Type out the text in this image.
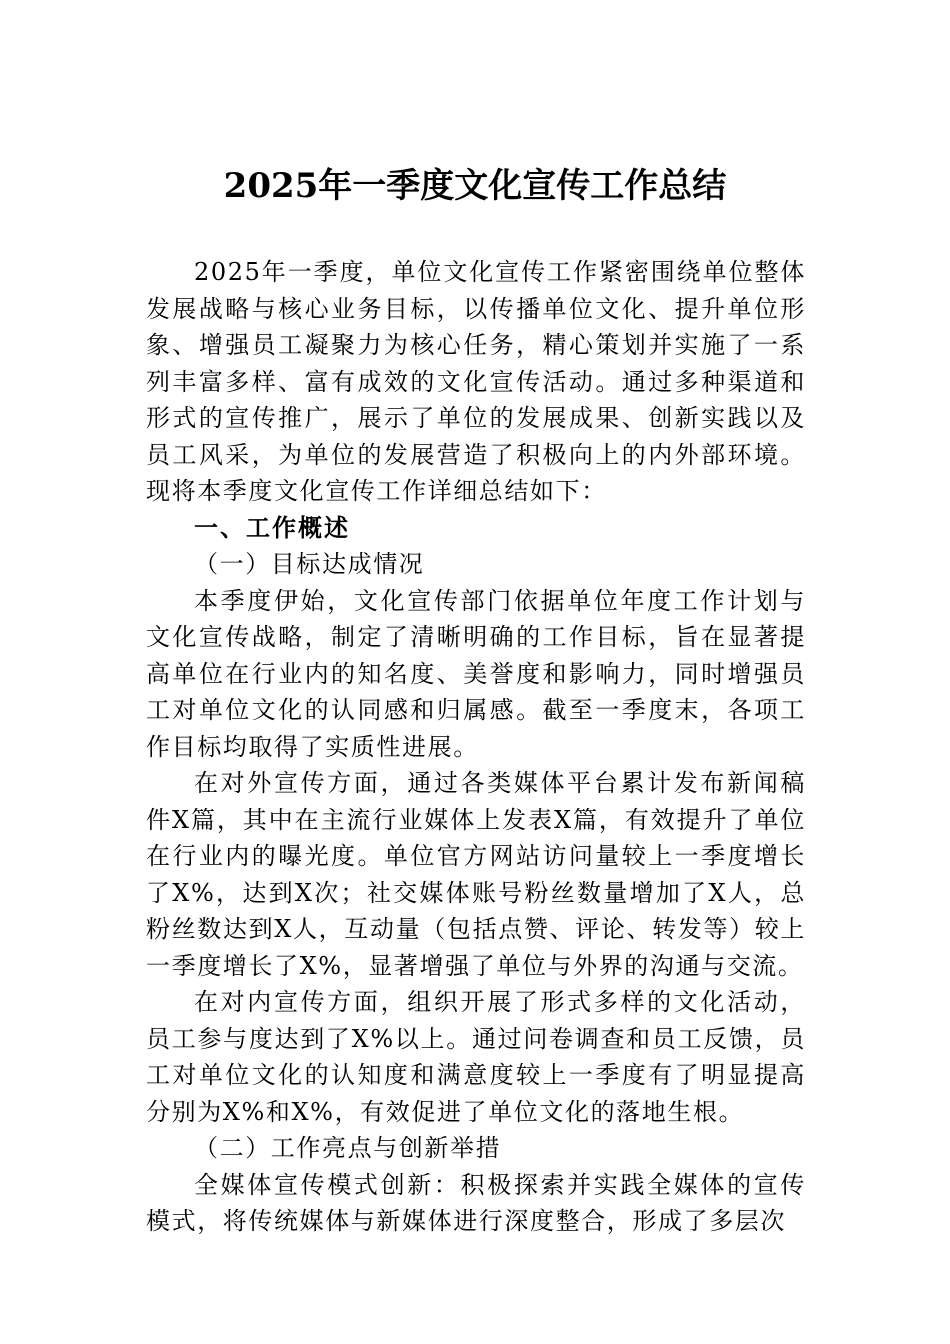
2025年一季度文化宣传工作总结

2025年一季度，单位文化宣传工作紧密围绕单位整体发展战略与核心业务目标，以传播单位文化、提升单位形象、增强员工凝聚力为核心任务，精心策划并实施了一系列丰富多样、富有成效的文化宣传活动。通过多种渠道和形式的宣传推广，展示了单位的发展成果、创新实践以及员工风采，为单位的发展营造了积极向上的内外部环境。现将本季度文化宣传工作详细总结如下：

一、工作概述

（一）目标达成情况

本季度伊始，文化宣传部门依据单位年度工作计划与文化宣传战略，制定了清晰明确的工作目标，旨在显著提高单位在行业内的知名度、美誉度和影响力，同时增强员工对单位文化的认同感和归属感。截至一季度末，各项工作目标均取得了实质性进展。

在对外宣传方面，通过各类媒体平台累计发布新闻稿件X篇，其中在主流行业媒体上发表X篇，有效提升了单位在行业内的曝光度。单位官方网站访问量较上一季度增长了X%，达到X次；社交媒体账号粉丝数量增加了X人，总粉丝数达到X人，互动量（包括点赞、评论、转发等）较上一季度增长了X%，显著增强了单位与外界的沟通与交流。

在对内宣传方面，组织开展了形式多样的文化活动，员工参与度达到了X%以上。通过问卷调查和员工反馈，员工对单位文化的认知度和满意度较上一季度有了明显提高分别为X%和X%，有效促进了单位文化的落地生根。

（二）工作亮点与创新举措

全媒体宣传模式创新：积极探索并实践全媒体的宣传模式，将传统媒体与新媒体进行深度整合，形成了多层次
